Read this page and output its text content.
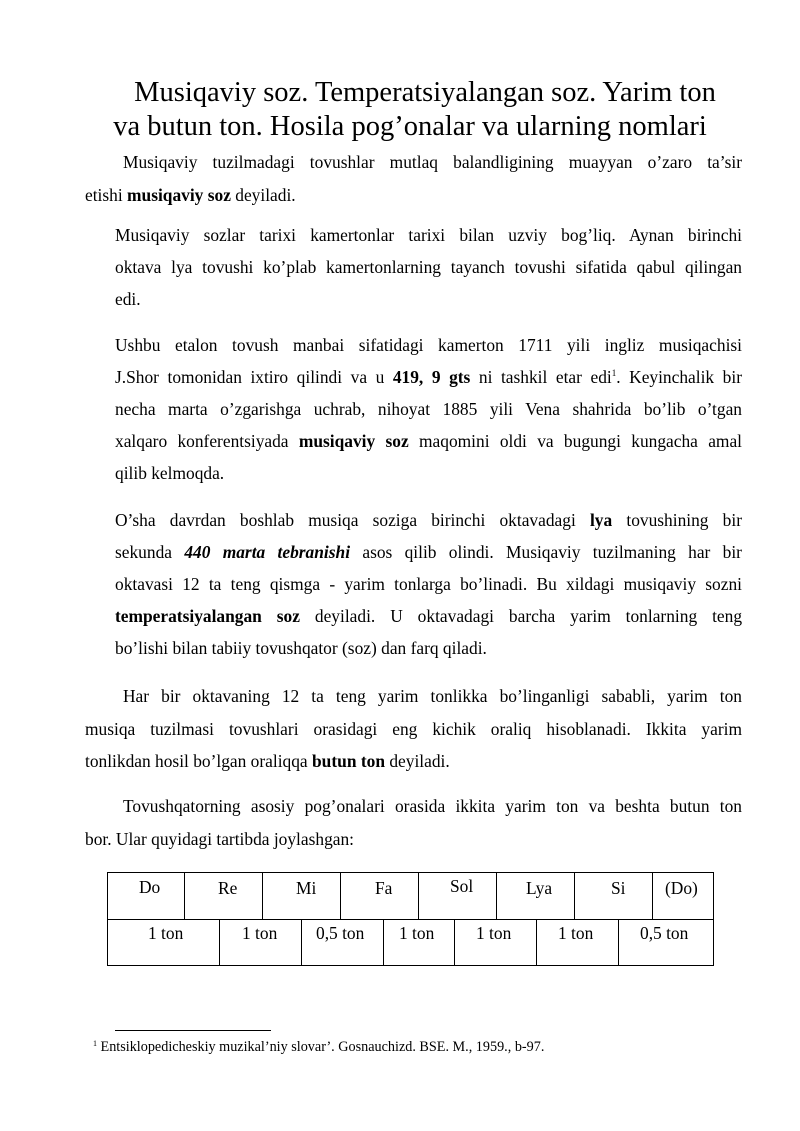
Musiqaviy soz. Temperatsiyalangan soz. Yarim ton
va butun ton. Hosila pog’onalar va ularning nomlari
Musiqaviy tuzilmadagi tovushlar mutlaq balandligining muayyan o’zaro ta’sir
etishi musiqaviy soz deyiladi.
Musiqaviy sozlar tarixi kamertonlar tarixi bilan uzviy bog’liq. Aynan birinchi
oktava lya tovushi ko’plab kamertonlarning tayanch tovushi sifatida qabul qilingan
edi.
Ushbu etalon tovush manbai sifatidagi kamerton 1711 yili ingliz musiqachisi
J.Shor tomonidan ixtiro qilindi va u 419, 9 gts ni tashkil etar edi$^1$. Keyinchalik bir
necha marta o’zgarishga uchrab, nihoyat 1885 yili Vena shahrida bo’lib o’tgan
xalqaro konferentsiyada musiqaviy soz maqomini oldi va bugungi kungacha amal
qilib kelmoqda.
O’sha davrdan boshlab musiqa soziga birinchi oktavadagi lya tovushining bir
sekunda 440 marta tebranishi asos qilib olindi. Musiqaviy tuzilmaning har bir
oktavasi 12 ta teng qismga - yarim tonlarga bo’linadi. Bu xildagi musiqaviy sozni
temperatsiyalangan soz deyiladi. U oktavadagi barcha yarim tonlarning teng
bo’lishi bilan tabiiy tovushqator (soz) dan farq qiladi.
Har bir oktavaning 12 ta teng yarim tonlikka bo’linganligi sababli, yarim ton
musiqa tuzilmasi tovushlari orasidagi eng kichik oraliq hisoblanadi. Ikkita yarim
tonlikdan hosil bo’lgan oraliqqa butun ton deyiladi.
Tovushqatorning asosiy pog’onalari orasida ikkita yarim ton va beshta butun ton
bor. Ular quyidagi tartibda joylashgan:
Do	Re	Mi	Fa	Sol	Lya	Si (Do)
1 ton	1 ton 0,5 ton 1 ton 1 ton	1 ton	0,5 ton
$^1$ Entsiklopedicheskiy muzikal’niy slovar’. Gosnauchizd. BSE. M., 1959., b-97.
